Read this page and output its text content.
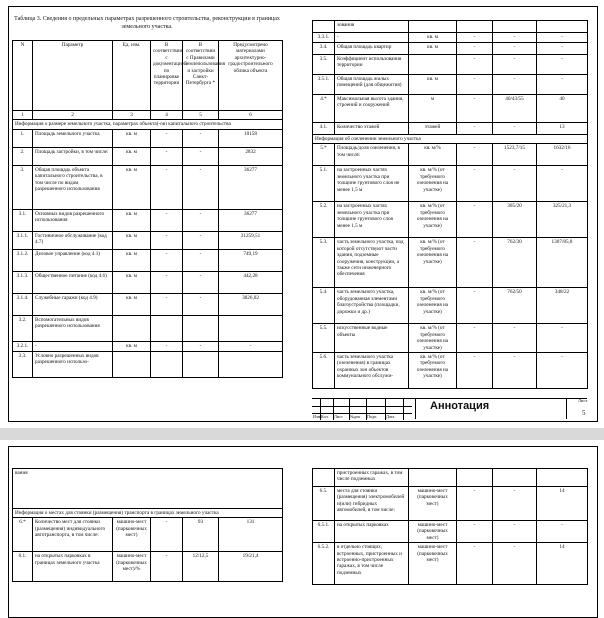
Таблица 3. Сведения о предельных параметрах разрешенного строительства, реконструкции в границах земельного участка.
N	Параметр	Ед. изм.	В соответствии с документацией по планировке территории	В соответствии с Правилами землепользования и застройки Санкт-Петербурга *	Предусмотрено материалами архитектурно-градостроительного облика объекта
1	2	3	4	5	6
Информация о размере земельного участка, параметрах объекта(-ов) капитального строительства					
1.	Площадь земельного участка	кв. м	-	-	10158
2.	Площадь застройки, в том числе:	кв. м	-	-	2832
3.	Общая площадь объекта капитального строительства, в том числе по видам разрешенного использования	кв. м	-	-	36277
3.1.	Основных видов разрешенного использования	кв. м	-	-	36277
3.1.1.	Гостиничное обслуживание (код 4.7)	кв. м	-	-	31259,51
3.1.2.	Деловое управление (код 4.1)	кв. м	-	-	749,19
3.1.3.	Общественное питание (код 4.6)	кв. м	-	-	442,28
3.1.4.	Служебные гаражи (код 4.9)	кв. м	-	-	3826,02
3.2.	Вспомогательных видов разрешенного использования				
3.2.1.	-	кв. м	-	-	-
3.3.	Условно разрешенных видов разрешенного использо-				
	зования				
3.3.1.	-	кв. м	-	-	-
3.4.	Общая площадь квартир	кв. м	-	-	-
3.5.	Коэффициент использования территории		-	-	-
3.5.1.	Общая площадь жилых помещений (для общежития)	кв. м	-	-	-
4.*	Максимальная высота здания, строений и сооружений	м	-	40/43/55	40
4.1.	Количество этажей	этажей	-	-	13
Информация об озеленении земельного участка					
5.*	Площадь/доля озеленения, в том числе:	кв. м/%	-	1523,7/15	1632/16
5.1.	на застроенных частях земельного участка при толщине грунтового слоя не менее 1,5 м	кв. м/% (от требуемого озеленения на участке)	-	-	-
5.2.	на застроенных частях земельного участка при толщине грунтового слоя менее 1,5 м	кв. м/% (от требуемого озеленения на участке)	-	305/20	325/21,3
5.3.	часть земельного участка, под которой отсутствуют части здания, подземные сооружения, конструкции, а также сети инженерного обеспечения	кв. м/% (от требуемого озеленения на участке)	-	762/30	1307/85,8
5.4.	часть земельного участка, оборудованная элементами благоустройства (площадки, дорожки и др.)	кв. м/% (от требуемого озеленения на участке)	-	762/50	348/22
5.5.	искусственные водные объекты	кв. м/% (от требуемого озеленения на участке)	-	-	-
5.6.	часть земельного участка (озеленения) в границах охранных зон объектов коммунального обслужи-	кв. м/% (от требуемого озеленения на участке)	-	-	-
Изм. Кол. Лист №док Подп. Дата
Аннотация	Лист
5
вания					
Информация о местах для стоянки (размещения) транспорта в границах земельного участка					
6.*	Количество мест для стоянки (размещения) индивидуального автотранспорта, в том числе:	машино-мест (парковочных мест)	-	93	131
6.1.	на открытых парковках в границах земельного участка	машино-мест (парковочных мест)/%	-	12/12,5	19/21,4
	пристроенных гаражах, в том числе подземных				
6.5.	места для стоянки (размещения) электромобилей и(или) гибридных автомобилей, в том числе:	машино-мест (парковочных мест)	-	-	14
6.5.1.	на открытых парковках	машино-мест (парковочных мест)	-	-	-
6.5.2.	в отдельно стоящих, встроенных, пристроенных и встроенно-пристроенных гаражах, в том числе подземных	машино-мест (парковочных мест)	-	-	14
